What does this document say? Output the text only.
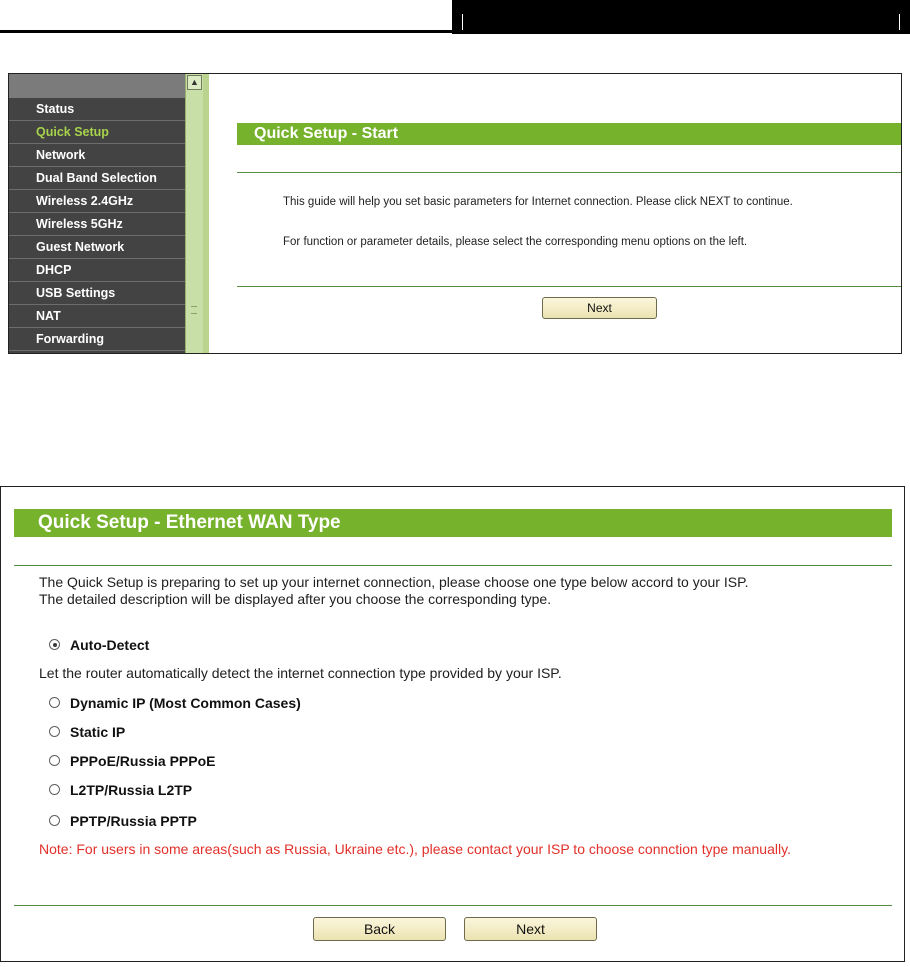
Status
Quick Setup
Network
Dual Band Selection
Wireless 2.4GHz
Wireless 5GHz
Guest Network
DHCP
USB Settings
NAT
Forwarding
▲
Quick Setup - Start
This guide will help you set basic parameters for Internet connection. Please click NEXT to continue.
For function or parameter details, please select the corresponding menu options on the left.
Next
Quick Setup - Ethernet WAN Type
The Quick Setup is preparing to set up your internet connection, please choose one type below accord to your ISP.
The detailed description will be displayed after you choose the corresponding type.
Auto-Detect
Let the router automatically detect the internet connection type provided by your ISP.
Dynamic IP (Most Common Cases)
Static IP
PPPoE/Russia PPPoE
L2TP/Russia L2TP
PPTP/Russia PPTP
Note: For users in some areas(such as Russia, Ukraine etc.), please contact your ISP to choose connction type manually.
Back	Next
